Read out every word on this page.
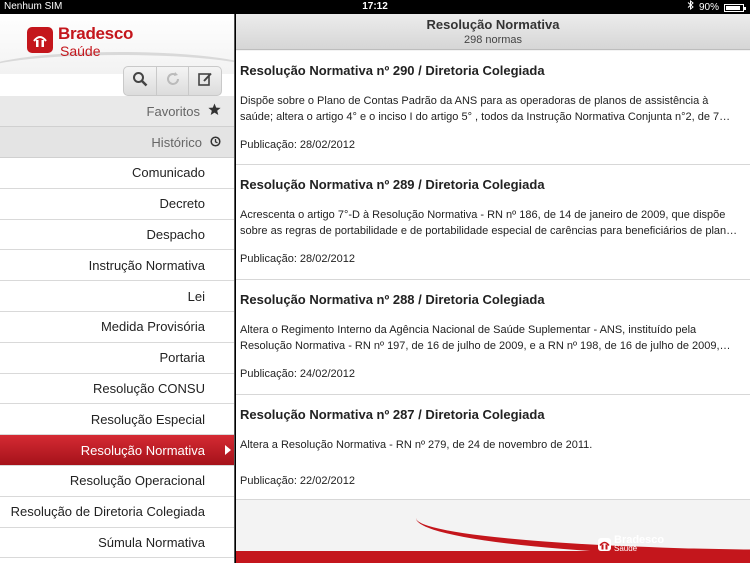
Nenhum SIM	17:12	90%
Bradesco
Saúde
Favoritos
Histórico
Comunicado
Decreto
Despacho
Instrução Normativa
Lei
Medida Provisória
Portaria
Resolução CONSU
Resolução Especial
Resolução Normativa
Resolução Operacional
Resolução de Diretoria Colegiada
Súmula Normativa
Resolução Normativa
298 normas
Resolução Normativa nº 290 / Diretoria Colegiada
Dispõe sobre o Plano de Contas Padrão da ANS para as operadoras de planos de assistência à
saúde; altera o artigo 4° e o inciso I do artigo 5° , todos da Instrução Normativa Conjunta n°2, de 7…
Publicação: 28/02/2012
Resolução Normativa nº 289 / Diretoria Colegiada
Acrescenta o artigo 7°-D à Resolução Normativa - RN nº 186, de 14 de janeiro de 2009, que dispõe
sobre as regras de portabilidade e de portabilidade especial de carências para beneficiários de plan…
Publicação: 28/02/2012
Resolução Normativa nº 288 / Diretoria Colegiada
Altera o Regimento Interno da Agência Nacional de Saúde Suplementar - ANS, instituído pela
Resolução Normativa - RN nº 197, de 16 de julho de 2009, e a RN nº 198, de 16 de julho de 2009,…
Publicação: 24/02/2012
Resolução Normativa nº 287 / Diretoria Colegiada
Altera a Resolução Normativa - RN nº 279, de 24 de novembro de 2011.
Publicação: 22/02/2012
Bradesco
Saúde
